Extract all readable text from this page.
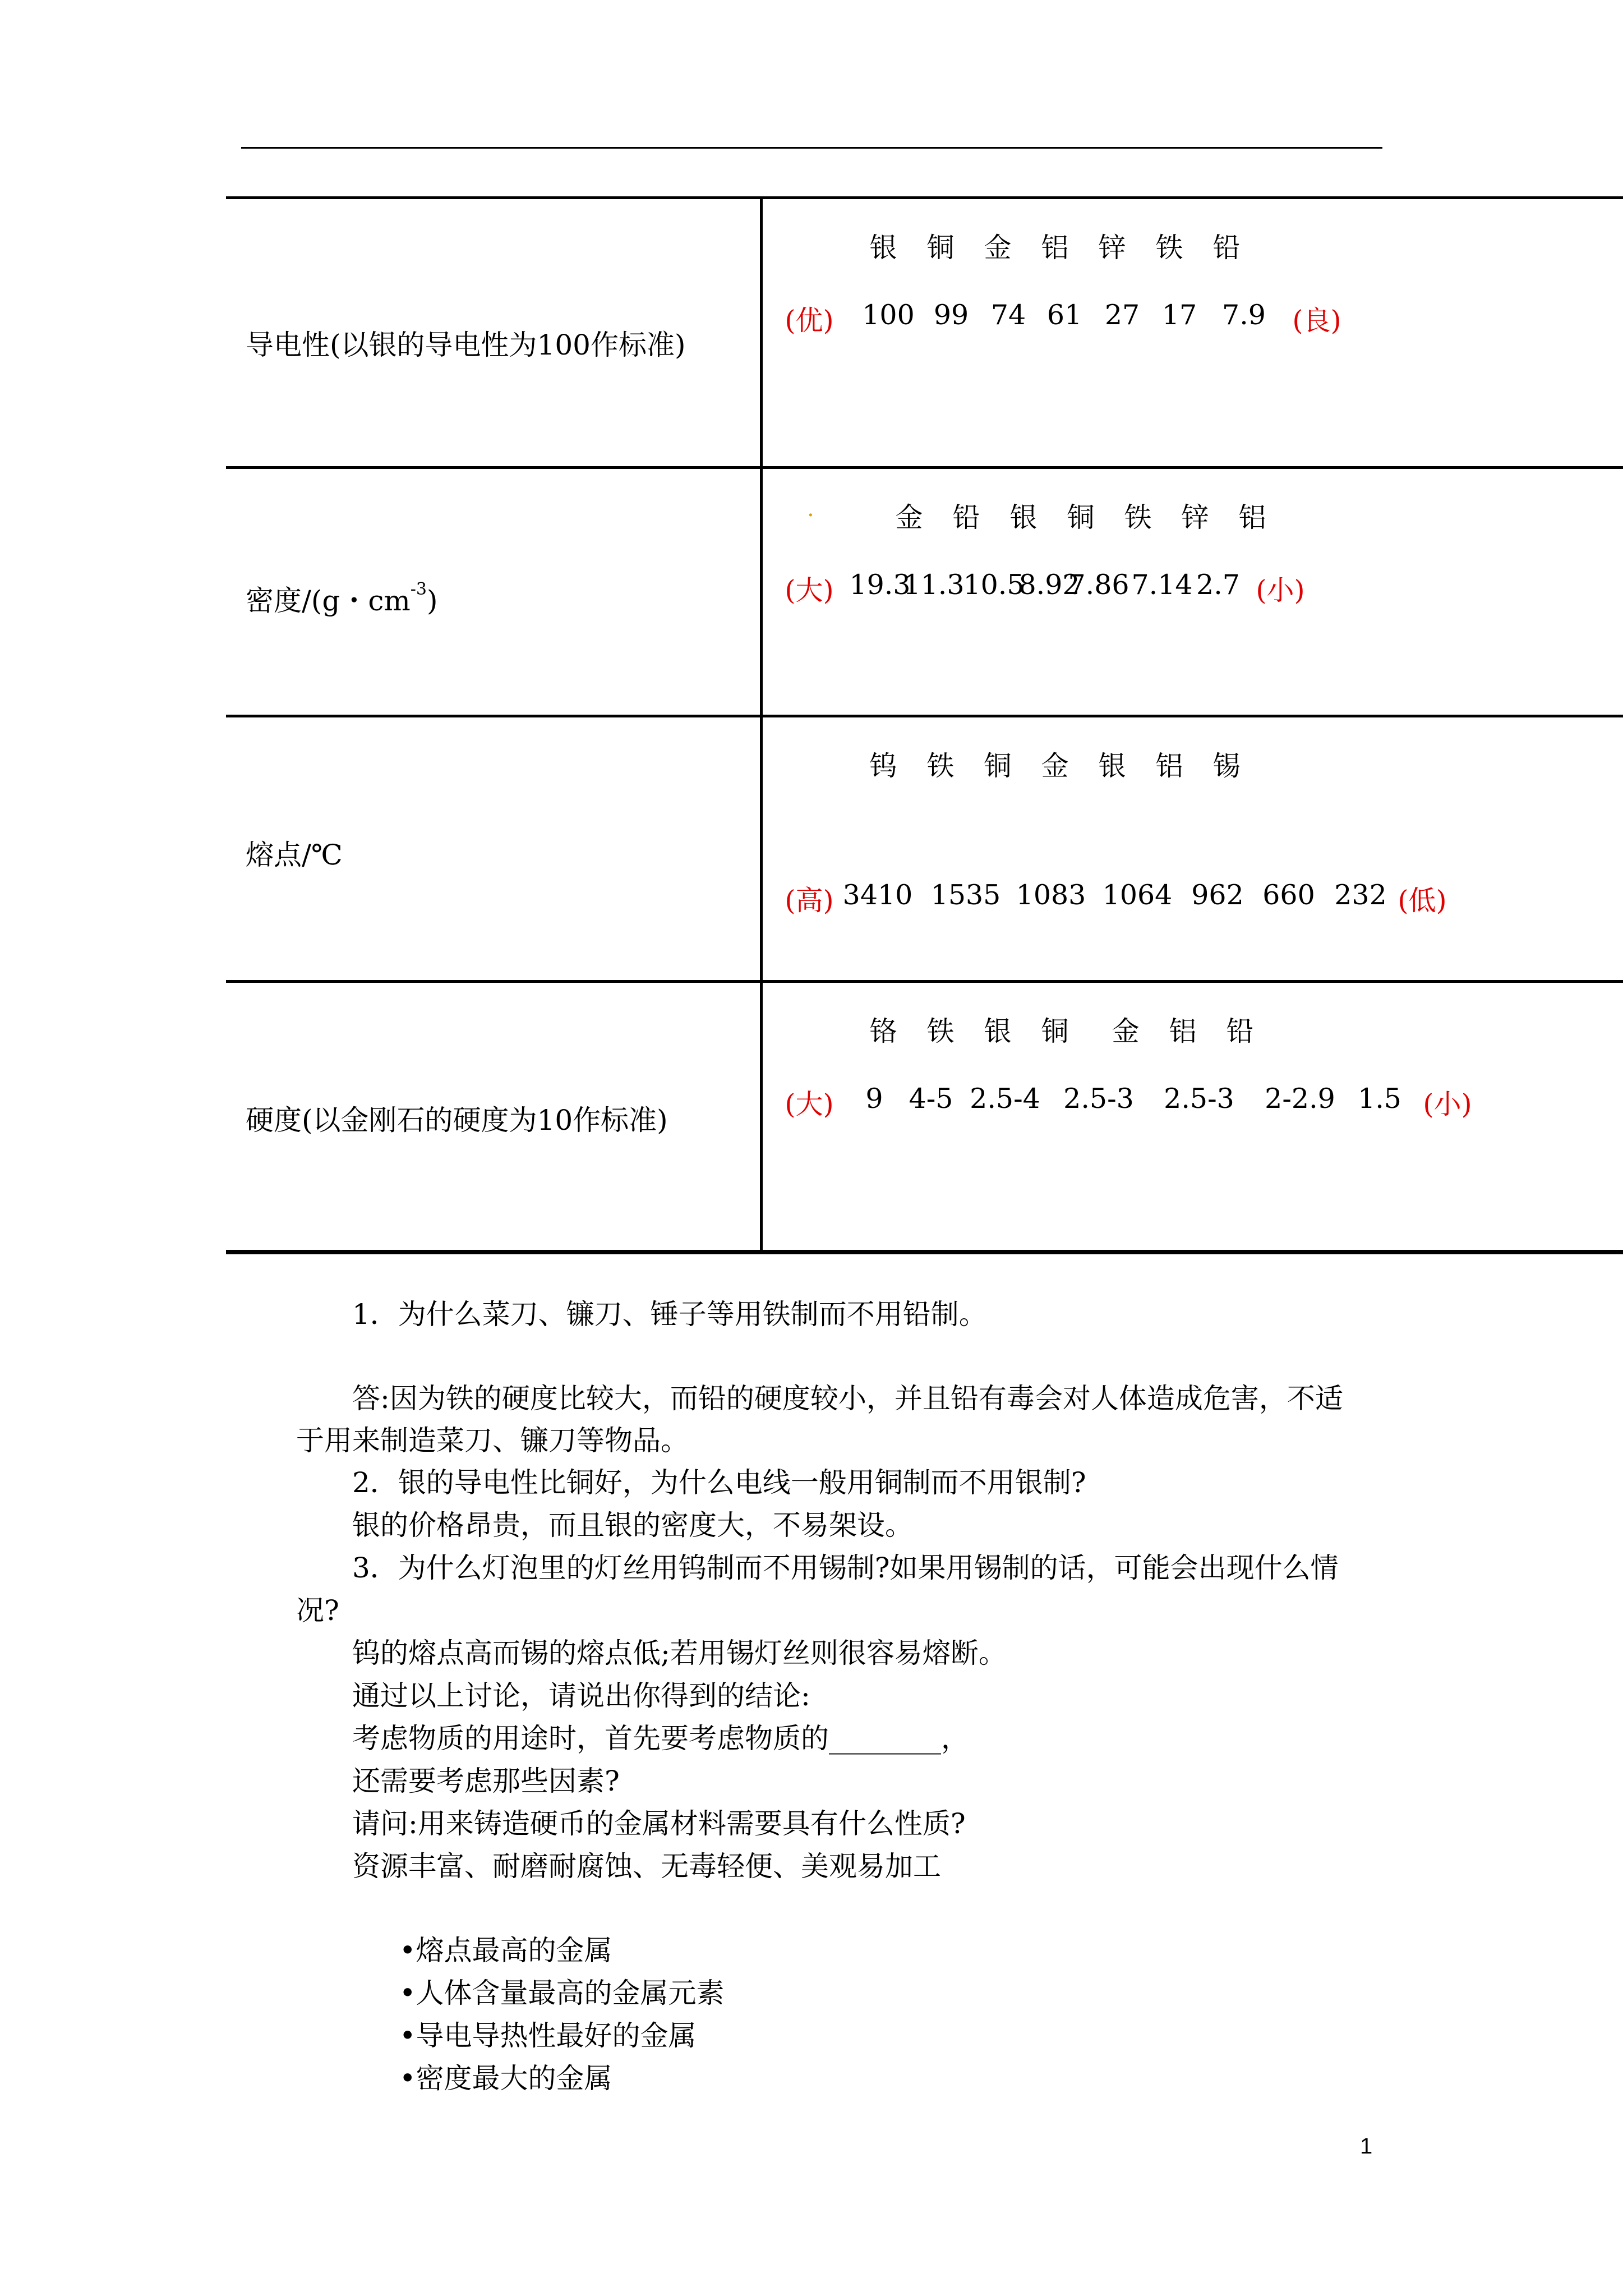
导电性(以银的导电性为100作标准)
银 铜 金 铝 锌 铁 铅
(优) 100 99 74 61 27 17 7.9 (良)
密度/(g・$cm^{-3}$)
.	金 铅 银 铜 铁 锌 铝
(大) 19.3
11.3
10.5
8.92
7.86 7.14 2.7 (小)
熔点/℃
钨 铁 铜 金 银 铝 锡
(高) 3410 1535 1083 1064 962 660 232 (低)
硬度(以金刚石的硬度为10作标准)
铬 铁 银 铜 金 铝 铅
(大) 9 4-5 2.5-4 2.5-3 2.5-3 2-2.9 1.5 (小)
1．为什么菜刀、镰刀、锤子等用铁制而不用铅制。
答:因为铁的硬度比较大，而铅的硬度较小，并且铅有毒会对人体造成危害，不适
于用来制造菜刀、镰刀等物品。
2．银的导电性比铜好，为什么电线一般用铜制而不用银制?
银的价格昂贵，而且银的密度大，不易架设。
3．为什么灯泡里的灯丝用钨制而不用锡制?如果用锡制的话，可能会出现什么情
况?
钨的熔点高而锡的熔点低;若用锡灯丝则很容易熔断。
通过以上讨论，请说出你得到的结论:
考虑物质的用途时，首先要考虑物质的________，
还需要考虑那些因素?
请问:用来铸造硬币的金属材料需要具有什么性质?
资源丰富、耐磨耐腐蚀、无毒轻便、美观易加工
•熔点最高的金属
•人体含量最高的金属元素
•导电导热性最好的金属
•密度最大的金属
1
